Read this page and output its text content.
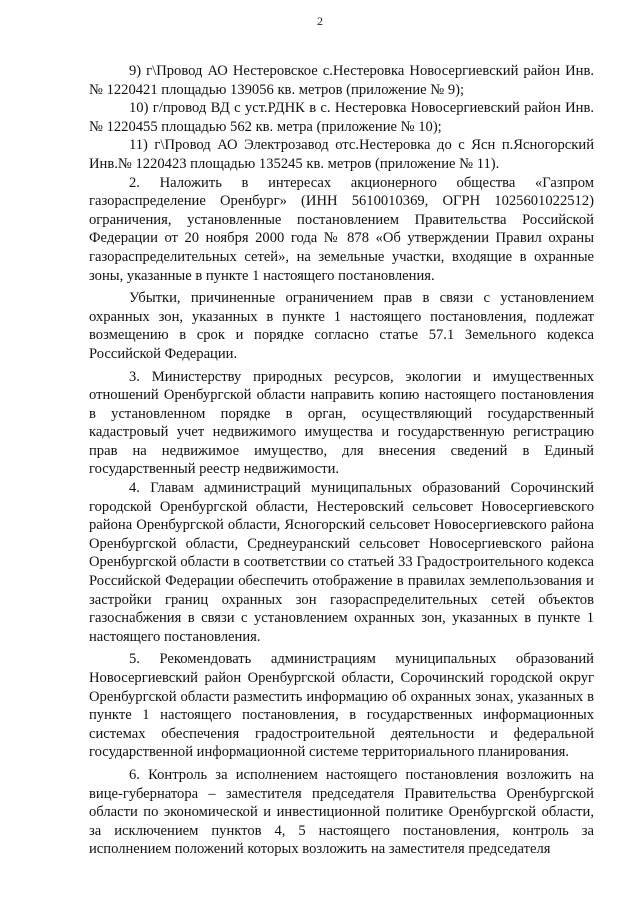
2

9) г\Провод АО Нестеровское с.Нестеровка Новосергиевский район Инв.№ 1220421 площадью 139056 кв. метров (приложение № 9);

10) г/провод ВД с уст.РДНК в с. Нестеровка Новосергиевский район Инв.№ 1220455 площадью 562 кв. метра (приложение № 10);

11) г\Провод АО Электрозавод отс.Нестеровка до с Ясн п.Ясногорский Инв.№ 1220423 площадью 135245 кв. метров (приложение № 11).

2. Наложить в интересах акционерного общества «Газпром газораспределение Оренбург» (ИНН 5610010369, ОГРН 1025601022512) ограничения, установленные постановлением Правительства Российской Федерации от 20 ноября 2000 года № 878 «Об утверждении Правил охраны газораспределительных сетей», на земельные участки, входящие в охранные зоны, указанные в пункте 1 настоящего постановления.

Убытки, причиненные ограничением прав в связи с установлением охранных зон, указанных в пункте 1 настоящего постановления, подлежат возмещению в срок и порядке согласно статье 57.1 Земельного кодекса Российской Федерации.

3. Министерству природных ресурсов, экологии и имущественных отношений Оренбургской области направить копию настоящего постановления в установленном порядке в орган, осуществляющий государственный кадастровый учет недвижимого имущества и государственную регистрацию прав на недвижимое имущество, для внесения сведений в Единый государственный реестр недвижимости.

4. Главам администраций муниципальных образований Сорочинский городской Оренбургской области, Нестеровский сельсовет Новосергиевского района Оренбургской области, Ясногорский сельсовет Новосергиевского района Оренбургской области, Среднеуранский сельсовет Новосергиевского района Оренбургской области в соответствии со статьей 33 Градостроительного кодекса Российской Федерации обеспечить отображение в правилах землепользования и застройки границ охранных зон газораспределительных сетей объектов газоснабжения в связи с установлением охранных зон, указанных в пункте 1 настоящего постановления.

5. Рекомендовать администрациям муниципальных образований Новосергиевский район Оренбургской области, Сорочинский городской округ Оренбургской области разместить информацию об охранных зонах, указанных в пункте 1 настоящего постановления, в государственных информационных системах обеспечения градостроительной деятельности и федеральной государственной информационной системе территориального планирования.

6. Контроль за исполнением настоящего постановления возложить на вице-губернатора – заместителя председателя Правительства Оренбургской области по экономической и инвестиционной политике Оренбургской области, за исключением пунктов 4, 5 настоящего постановления, контроль за исполнением положений которых возложить на заместителя председателя
